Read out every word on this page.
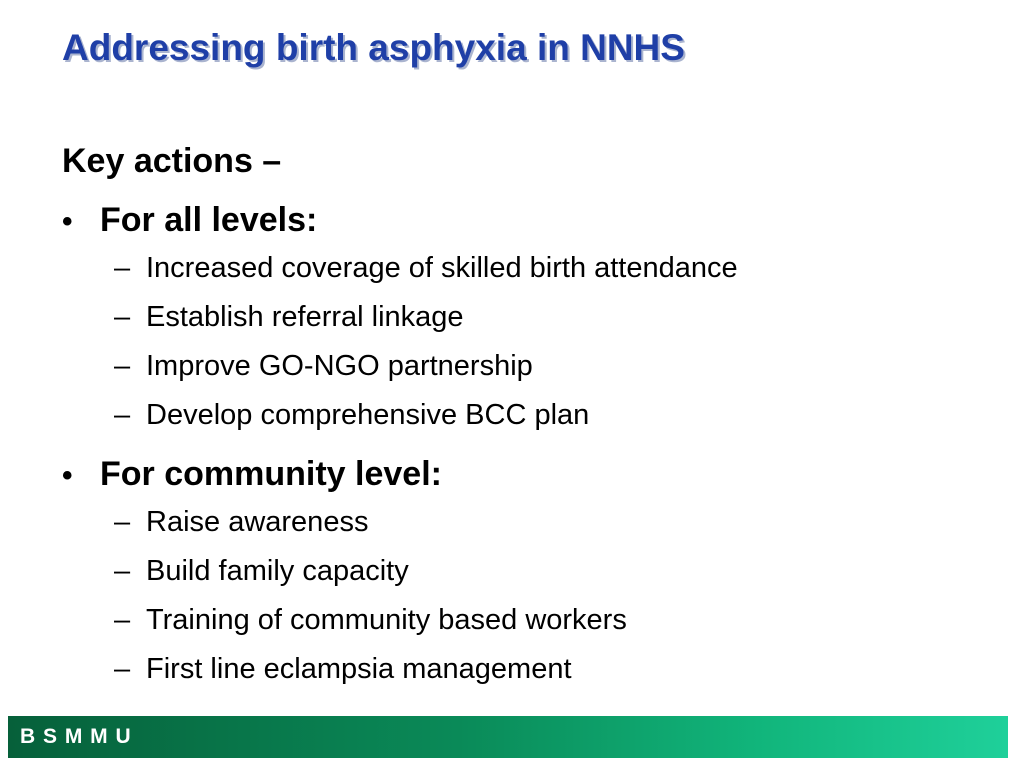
Addressing birth asphyxia in NNHS
Key actions –
• For all levels:
– Increased coverage of skilled birth attendance
– Establish referral linkage
– Improve GO-NGO partnership
– Develop comprehensive BCC plan
• For community level:
– Raise awareness
– Build family capacity
– Training of community based workers
– First line eclampsia management
B S M M U
